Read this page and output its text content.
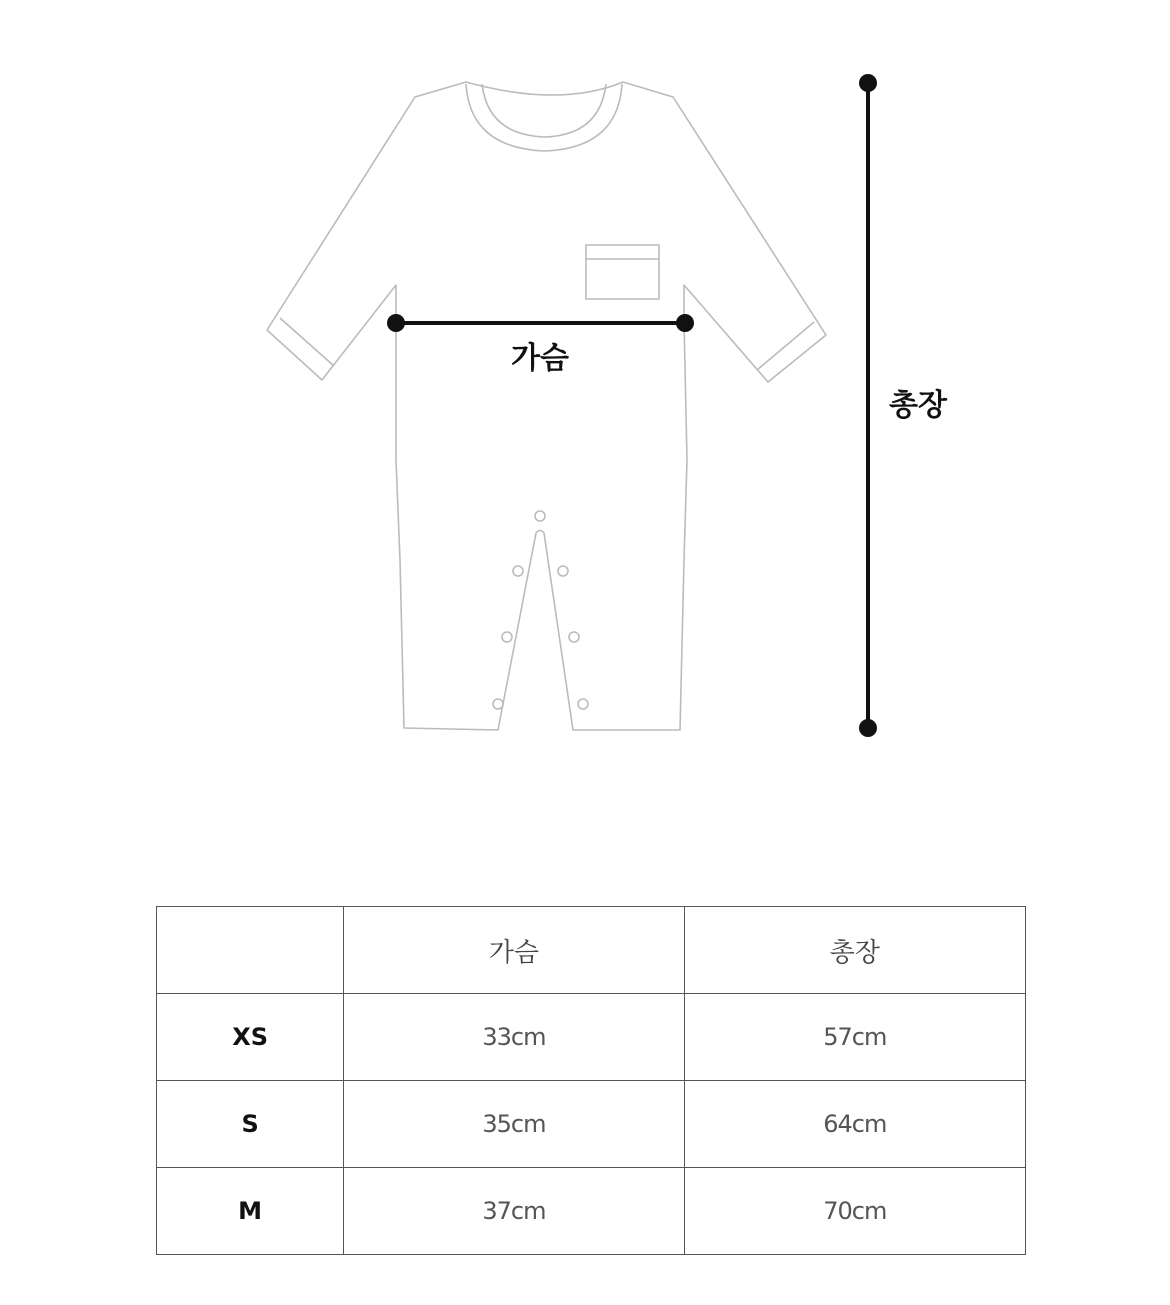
가슴
총장
	가슴	총장
XS	33cm	57cm
S	35cm	64cm
M	37cm	70cm
